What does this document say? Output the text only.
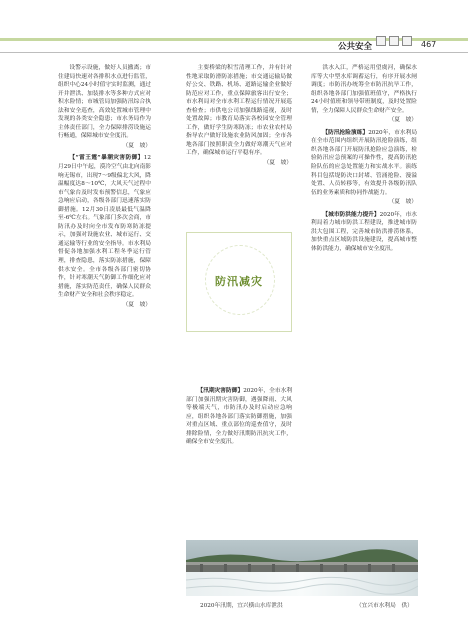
公共安全	467

设警示设施，做好人员撤离；市住建局快速对各排积水点进行监管，组织中心24小时值守实时监测，通过开井泄洪、加装排水等多种方式应对积水险情；市城管局加强防汛综合执法和安全巡查，高效处置城市管理中发现的各类安全隐患；市水务局作为主体责任部门，全力保障排涝设施运行畅通，保障城市安全度汛。

（夏　坡）

【“雷王霆”暴潮灾害防御】12月29日中午起，漠冷空气由北向南影响无锡市，出现7～9级偏北大风，降温幅度达8～10℃，大风天气过程中市气象台及时发布预警信息，气象应急响应启动，各级各部门迅速落实防御措施。12月30日凌晨最低气温降至-6℃左右。气象部门多次会商，市防汛办及时向全市发布防寒防冻提示，加强对设施农业、城市运行、交通运输等行业的安全指导。市水利局督促各地加强水利工程冬季运行管理，排查隐患，落实防冻措施，保障供水安全。全市各级各部门密切协作，针对寒潮天气防御工作细化应对措施，落实防范责任，确保人民群众生命财产安全和社会秩序稳定。

（夏　坡）

主要桥梁的积雪清理工作，并有针对性地采取防滑防冻措施；市交通运输局做好公交、铁路、机场、道路运输企业做好防范应对工作，重点保障旅客出行安全；市水利局对全市水利工程运行情况开展巡查检查；市供电公司加强线路巡视，及时处置故障；市教育局落实各校园安全管理工作，做好学生防寒防冻；市农业农村局指导农户做好设施农业防风加固；全市各地各部门按照职责全力做好寒潮天气应对工作，确保城市运行平稳有序。

（夏　坡）
防汛减灾

【汛期灾害防御】2020年，全市水利部门加强汛期灾害防御，遇强降雨、大风等极端天气，市防汛办及时启动应急响应，组织各地各部门落实防御措施，加强对重点区域、重点部位的巡查值守，及时排除险情，全力做好汛期防汛抗灾工作，确保全市安全度汛。

洪水入江，严格运用望虞河，确保水库等大中型水库调蓄运行，有序开展水闸调度；市防汛办统筹全市防汛抗旱工作，组织各地各部门加强值班值守，严格执行24小时值班和领导带班制度，及时处置险情，全力保障人民群众生命财产安全。

（夏　坡）

【防汛抢险演练】2020年，市水利局在全市范围内组织开展防汛抢险演练，组织各地各部门开展防汛抢险应急演练，检验防汛应急预案的可操作性，提高防汛抢险队伍的应急处置能力和实战水平。演练科目包括堤防决口封堵、管涌抢险、漫溢处置、人员转移等，有效提升各级防汛队伍的业务素质和协同作战能力。

（夏　坡）

【城市防洪能力提升】2020年，市水利局着力城市防洪工程建设，推进城市防洪大包围工程，完善城市防洪排涝体系，加快重点区域防洪设施建设，提高城市整体防洪能力，确保城市安全度汛。

2020年汛期，宜兴横山水库泄洪	（宜兴市水利局　供）
